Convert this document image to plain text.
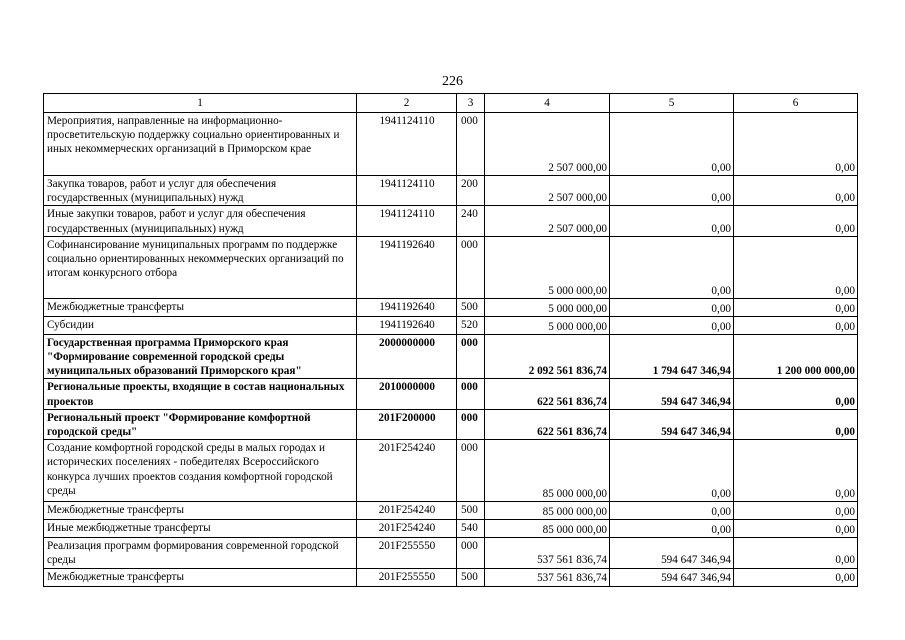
226
1	2	3	4	5	6
Мероприятия, направленные на информационно-просветительскую поддержку социально ориентированных и иных некоммерческих организаций в Приморском крае	1941124110	000	2 507 000,00	0,00	0,00
Закупка товаров, работ и услуг для обеспечения государственных (муниципальных) нужд	1941124110	200	2 507 000,00	0,00	0,00
Иные закупки товаров, работ и услуг для обеспечения государственных (муниципальных) нужд	1941124110	240	2 507 000,00	0,00	0,00
Софинансирование муниципальных программ по поддержке социально ориентированных некоммерческих организаций по итогам конкурсного отбора	1941192640	000	5 000 000,00	0,00	0,00
Межбюджетные трансферты	1941192640	500	5 000 000,00	0,00	0,00
Субсидии	1941192640	520	5 000 000,00	0,00	0,00
Государственная программа Приморского края "Формирование современной городской среды муниципальных образований Приморского края"	2000000000	000	2 092 561 836,74	1 794 647 346,94	1 200 000 000,00
Региональные проекты, входящие в состав национальных проектов	2010000000	000	622 561 836,74	594 647 346,94	0,00
Региональный проект "Формирование комфортной городской среды"	201F200000	000	622 561 836,74	594 647 346,94	0,00
Создание комфортной городской среды в малых городах и исторических поселениях - победителях Всероссийского конкурса лучших проектов создания комфортной городской среды	201F254240	000	85 000 000,00	0,00	0,00
Межбюджетные трансферты	201F254240	500	85 000 000,00	0,00	0,00
Иные межбюджетные трансферты	201F254240	540	85 000 000,00	0,00	0,00
Реализация программ формирования современной городской среды	201F255550	000	537 561 836,74	594 647 346,94	0,00
Межбюджетные трансферты	201F255550	500	537 561 836,74	594 647 346,94	0,00
